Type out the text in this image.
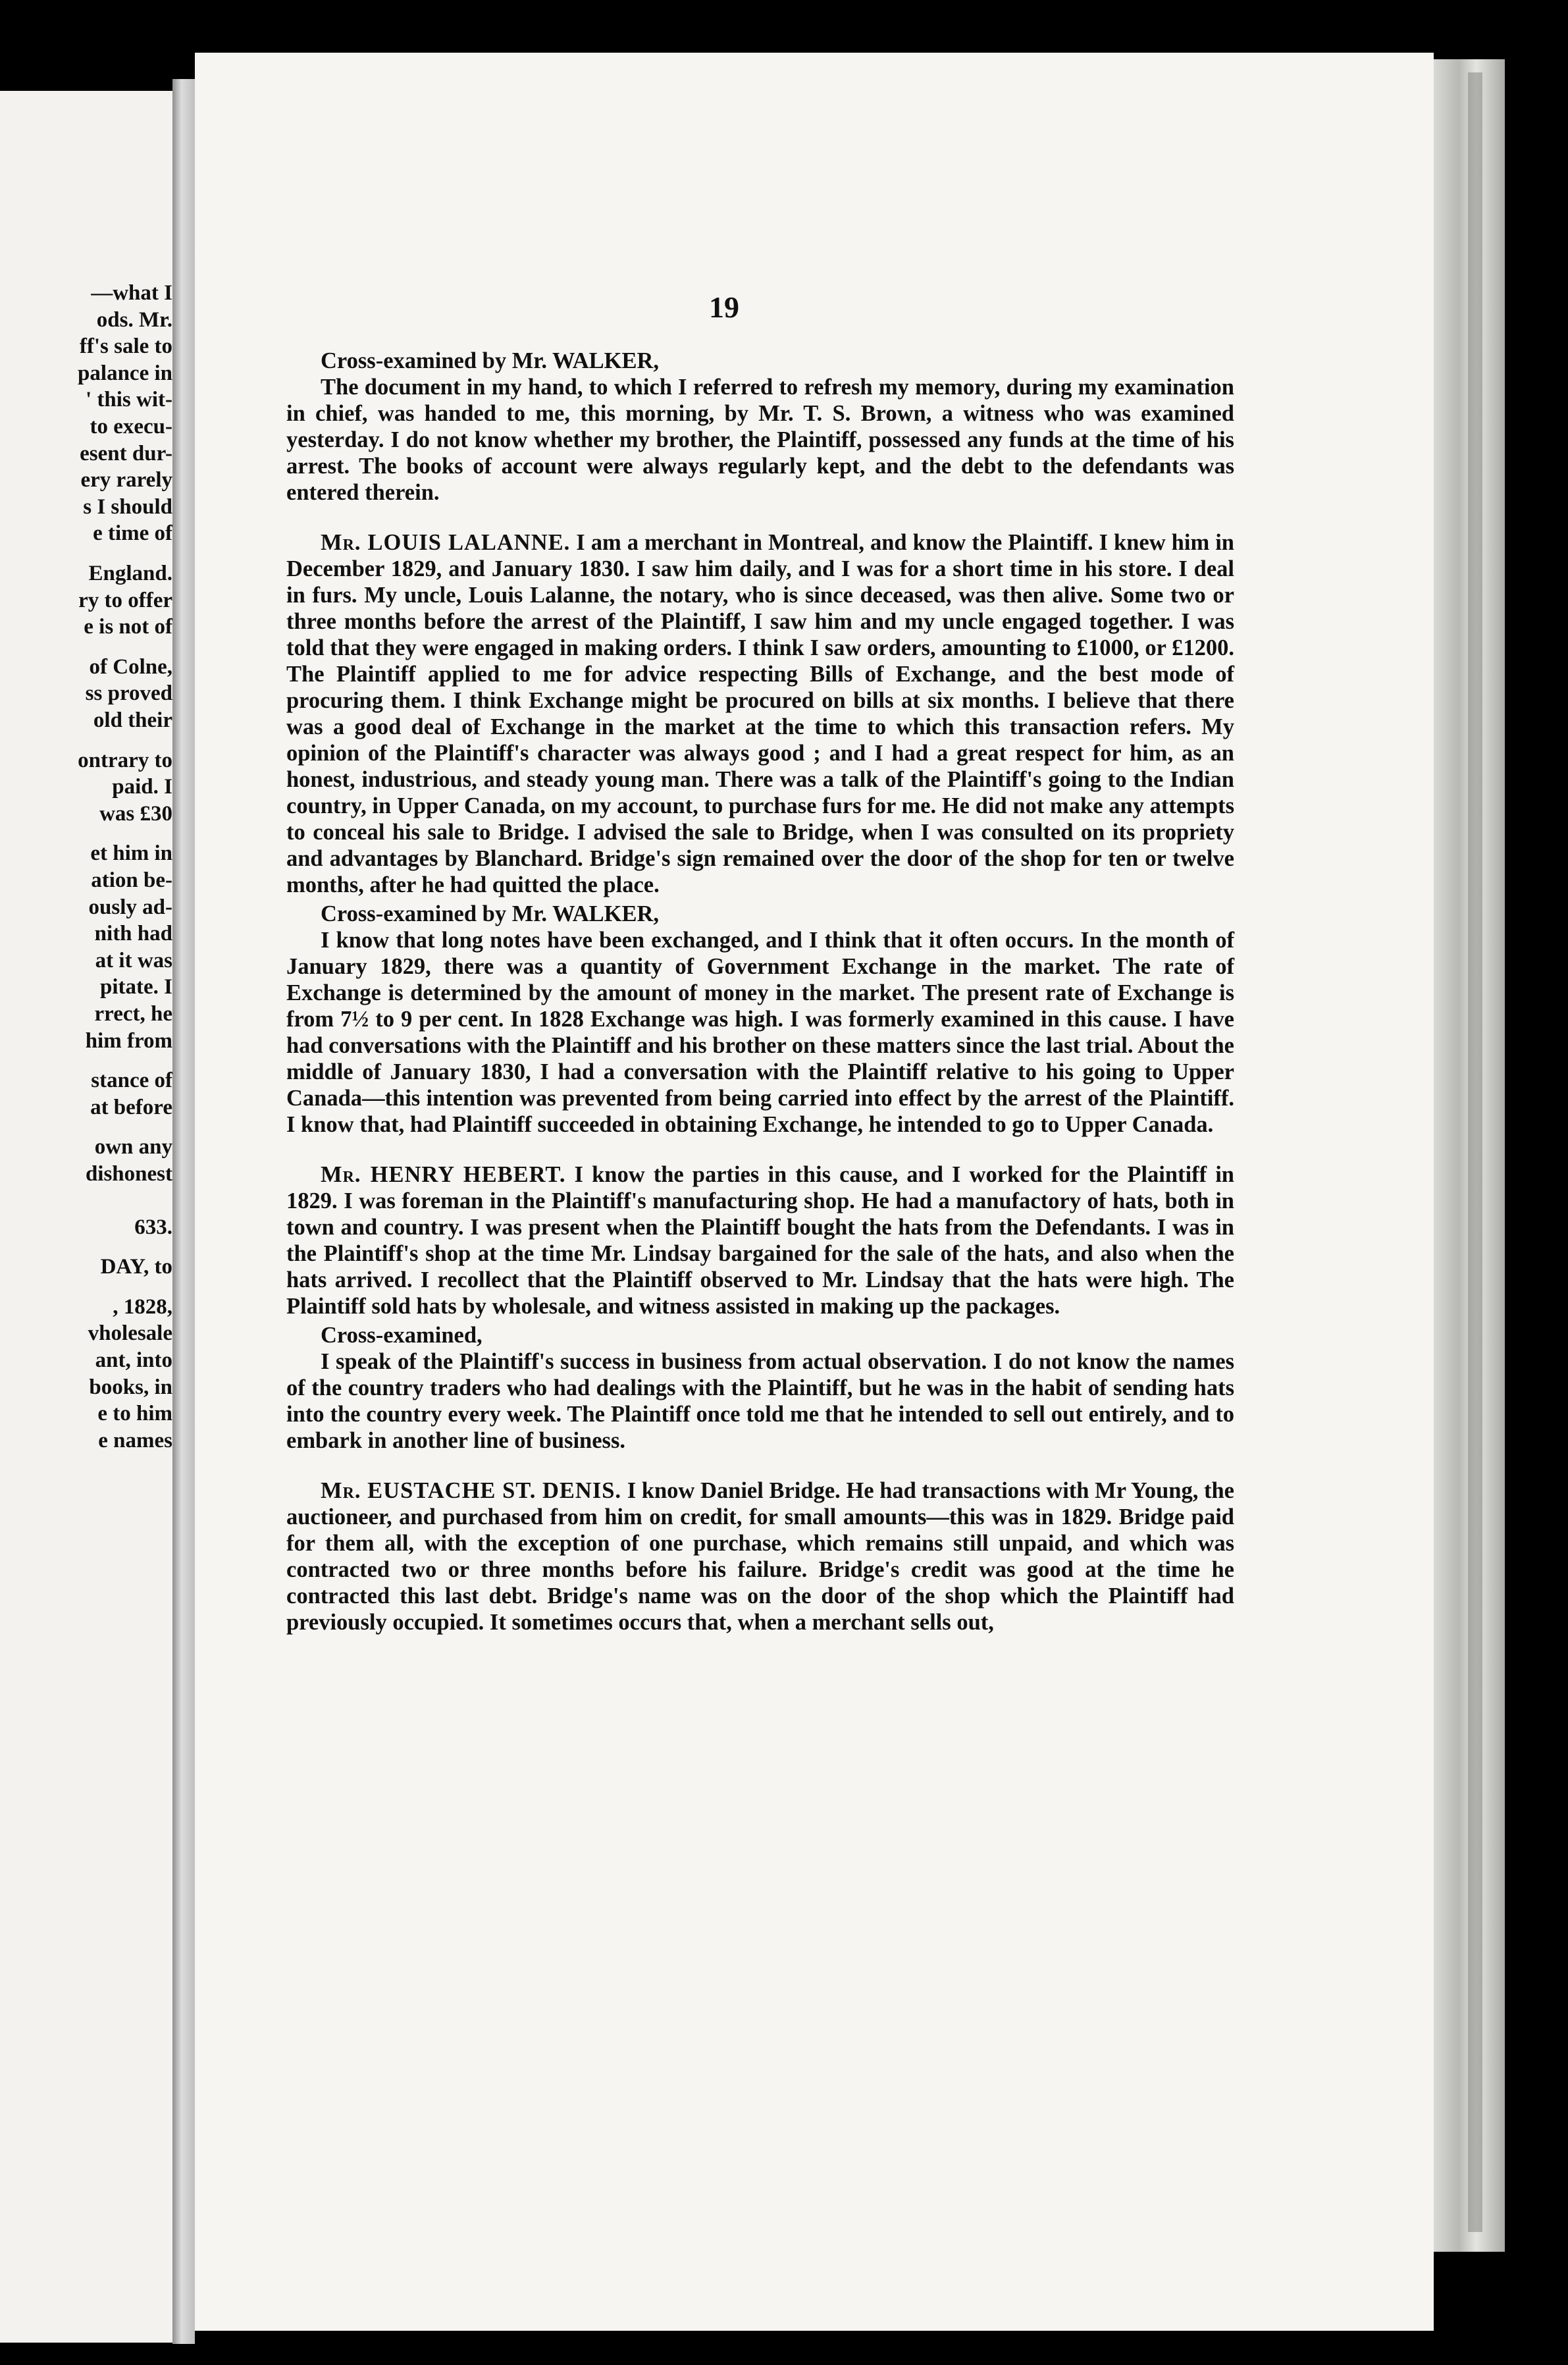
—what I
ods. Mr.
ff's sale to
palance in
' this wit-
to execu-
esent dur-
ery rarely
s I should
e time of
England.
ry to offer
e is not of
of Colne,
ss proved
old their
ontrary to
paid. I
was £30
et him in
ation be-
ously ad-
nith had
at it was
pitate. I
rrect, he
him from
stance of
at before
own any
dishonest
633.
DAY, to
, 1828,
vholesale
ant, into
books, in
e to him
e names
19

Cross-examined by Mr. WALKER,

The document in my hand, to which I referred to refresh my memory, during my examination in chief, was handed to me, this morning, by Mr. T. S. Brown, a witness who was examined yesterday. I do not know whether my brother, the Plaintiff, possessed any funds at the time of his arrest. The books of account were always regularly kept, and the debt to the defendants was entered therein.

Mr. LOUIS LALANNE. I am a merchant in Montreal, and know the Plaintiff. I knew him in December 1829, and January 1830. I saw him daily, and I was for a short time in his store. I deal in furs. My uncle, Louis Lalanne, the notary, who is since deceased, was then alive. Some two or three months before the arrest of the Plaintiff, I saw him and my uncle engaged together. I was told that they were engaged in making orders. I think I saw orders, amounting to £1000, or £1200. The Plaintiff applied to me for advice respecting Bills of Exchange, and the best mode of procuring them. I think Exchange might be procured on bills at six months. I believe that there was a good deal of Exchange in the market at the time to which this transaction refers. My opinion of the Plaintiff's character was always good ; and I had a great respect for him, as an honest, industrious, and steady young man. There was a talk of the Plaintiff's going to the Indian country, in Upper Canada, on my account, to purchase furs for me. He did not make any attempts to conceal his sale to Bridge. I advised the sale to Bridge, when I was consulted on its propriety and advantages by Blanchard. Bridge's sign remained over the door of the shop for ten or twelve months, after he had quitted the place.

Cross-examined by Mr. WALKER,

I know that long notes have been exchanged, and I think that it often occurs. In the month of January 1829, there was a quantity of Government Exchange in the market. The rate of Exchange is determined by the amount of money in the market. The present rate of Exchange is from 7½ to 9 per cent. In 1828 Exchange was high. I was formerly examined in this cause. I have had conversations with the Plaintiff and his brother on these matters since the last trial. About the middle of January 1830, I had a conversation with the Plaintiff relative to his going to Upper Canada—this intention was prevented from being carried into effect by the arrest of the Plaintiff. I know that, had Plaintiff succeeded in obtaining Exchange, he intended to go to Upper Canada.

Mr. HENRY HEBERT. I know the parties in this cause, and I worked for the Plaintiff in 1829. I was foreman in the Plaintiff's manufacturing shop. He had a manufactory of hats, both in town and country. I was present when the Plaintiff bought the hats from the Defendants. I was in the Plaintiff's shop at the time Mr. Lindsay bargained for the sale of the hats, and also when the hats arrived. I recollect that the Plaintiff observed to Mr. Lindsay that the hats were high. The Plaintiff sold hats by wholesale, and witness assisted in making up the packages.

Cross-examined,

I speak of the Plaintiff's success in business from actual observation. I do not know the names of the country traders who had dealings with the Plaintiff, but he was in the habit of sending hats into the country every week. The Plaintiff once told me that he intended to sell out entirely, and to embark in another line of business.

Mr. EUSTACHE ST. DENIS. I know Daniel Bridge. He had transactions with Mr Young, the auctioneer, and purchased from him on credit, for small amounts—this was in 1829. Bridge paid for them all, with the exception of one purchase, which remains still unpaid, and which was contracted two or three months before his failure. Bridge's credit was good at the time he contracted this last debt. Bridge's name was on the door of the shop which the Plaintiff had previously occupied. It sometimes occurs that, when a merchant sells out,
